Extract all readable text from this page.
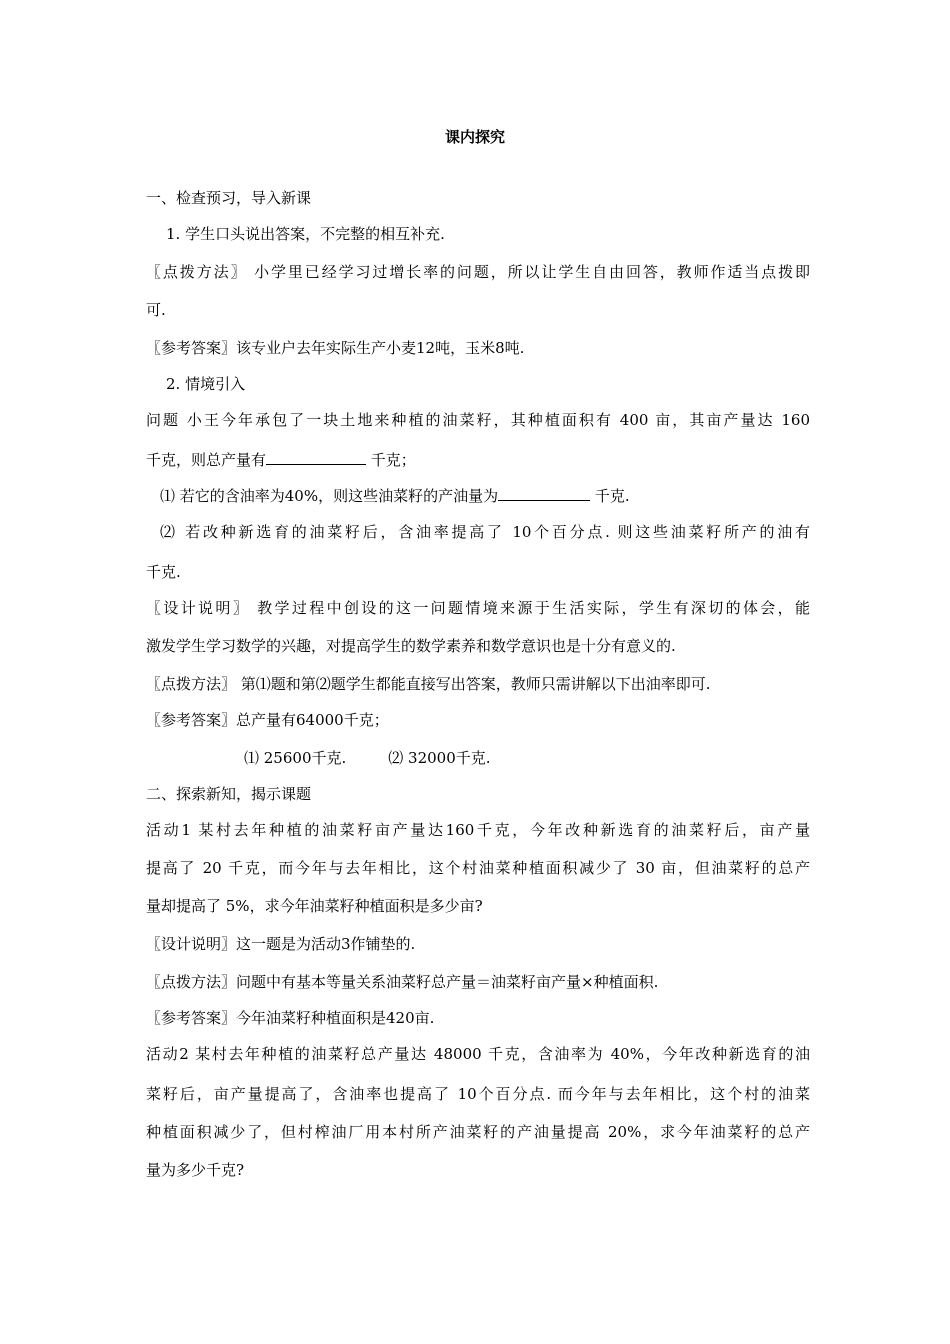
课内探究
一、检查预习，导入新课
1. 学生口头说出答案，不完整的相互补充.
〖点拨方法〗 小学里已经学习过增长率的问题，所以让学生自由回答，教师作适当点拨即
可.
〖参考答案〗该专业户去年实际生产小麦12吨，玉米8吨.
2. 情境引入
问题 小王今年承包了一块土地来种植的油菜籽，其种植面积有 400 亩，其亩产量达 160
千克，则总产量有	千克；
⑴ 若它的含油率为40%，则这些油菜籽的产油量为	千克.
⑵ 若改种新选育的油菜籽后，含油率提高了 10个百分点. 则这些油菜籽所产的油有
千克.
〖设计说明〗 教学过程中创设的这一问题情境来源于生活实际，学生有深切的体会，能
激发学生学习数学的兴趣，对提高学生的数学素养和数学意识也是十分有意义的.
〖点拨方法〗 第⑴题和第⑵题学生都能直接写出答案，教师只需讲解以下出油率即可.
〖参考答案〗总产量有64000千克；
⑴ 25600千克.	⑵ 32000千克.
二、探索新知，揭示课题
活动1 某村去年种植的油菜籽亩产量达160千克，今年改种新选育的油菜籽后，亩产量
提高了 20 千克，而今年与去年相比，这个村油菜种植面积减少了 30 亩，但油菜籽的总产
量却提高了 5%，求今年油菜籽种植面积是多少亩?
〖设计说明〗这一题是为活动3作铺垫的.
〖点拨方法〗问题中有基本等量关系油菜籽总产量＝油菜籽亩产量×种植面积.
〖参考答案〗今年油菜籽种植面积是420亩.
活动2 某村去年种植的油菜籽总产量达 48000 千克，含油率为 40%，今年改种新选育的油
菜籽后，亩产量提高了，含油率也提高了 10个百分点. 而今年与去年相比，这个村的油菜
种植面积减少了，但村榨油厂用本村所产油菜籽的产油量提高 20%，求今年油菜籽的总产
量为多少千克?
